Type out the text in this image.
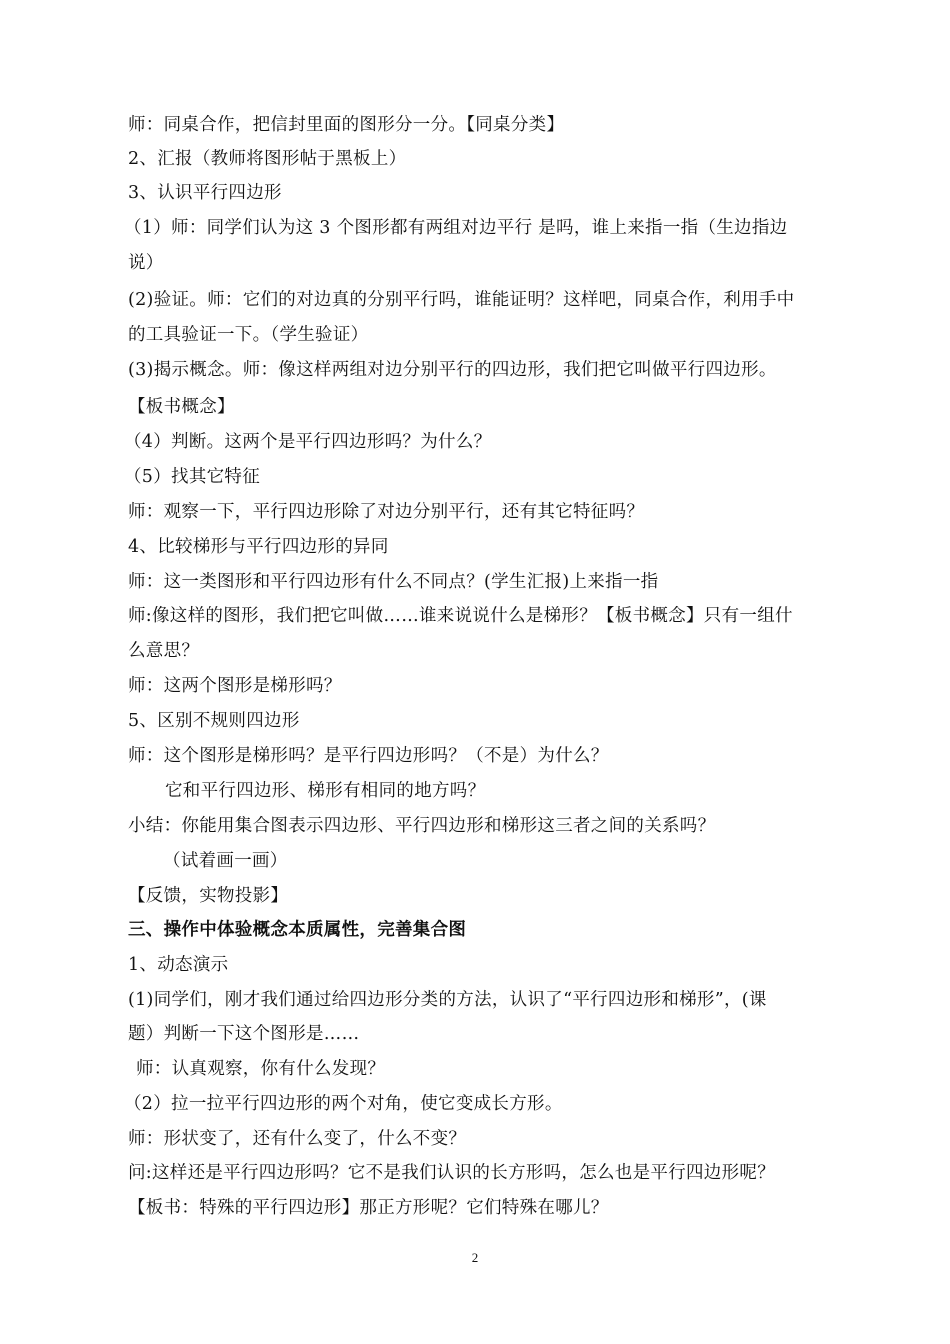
师：同桌合作，把信封里面的图形分一分。【同桌分类】
2、汇报（教师将图形帖于黑板上）
3、认识平行四边形
（1）师：同学们认为这 3 个图形都有两组对边平行 是吗，谁上来指一指（生边指边
说）
(2)验证。师：它们的对边真的分别平行吗，谁能证明？这样吧，同桌合作，利用手中
的工具验证一下。（学生验证）
(3)揭示概念。师：像这样两组对边分别平行的四边形，我们把它叫做平行四边形。
【板书概念】
（4）判断。这两个是平行四边形吗？为什么？
（5）找其它特征
师：观察一下，平行四边形除了对边分别平行，还有其它特征吗？
4、比较梯形与平行四边形的异同
师：这一类图形和平行四边形有什么不同点？(学生汇报)上来指一指
师:像这样的图形，我们把它叫做……谁来说说什么是梯形？【板书概念】只有一组什
么意思？
师：这两个图形是梯形吗？
5、区别不规则四边形
师：这个图形是梯形吗？是平行四边形吗？（不是）为什么？
它和平行四边形、梯形有相同的地方吗？
小结：你能用集合图表示四边形、平行四边形和梯形这三者之间的关系吗？
（试着画一画）
【反馈，实物投影】
三、操作中体验概念本质属性，完善集合图
1、动态演示
(1)同学们，刚才我们通过给四边形分类的方法，认识了“平行四边形和梯形”，(课
题）判断一下这个图形是……
师：认真观察，你有什么发现？
（2）拉一拉平行四边形的两个对角，使它变成长方形。
师：形状变了，还有什么变了，什么不变？
问:这样还是平行四边形吗？它不是我们认识的长方形吗，怎么也是平行四边形呢？
【板书：特殊的平行四边形】那正方形呢？它们特殊在哪儿？
2
